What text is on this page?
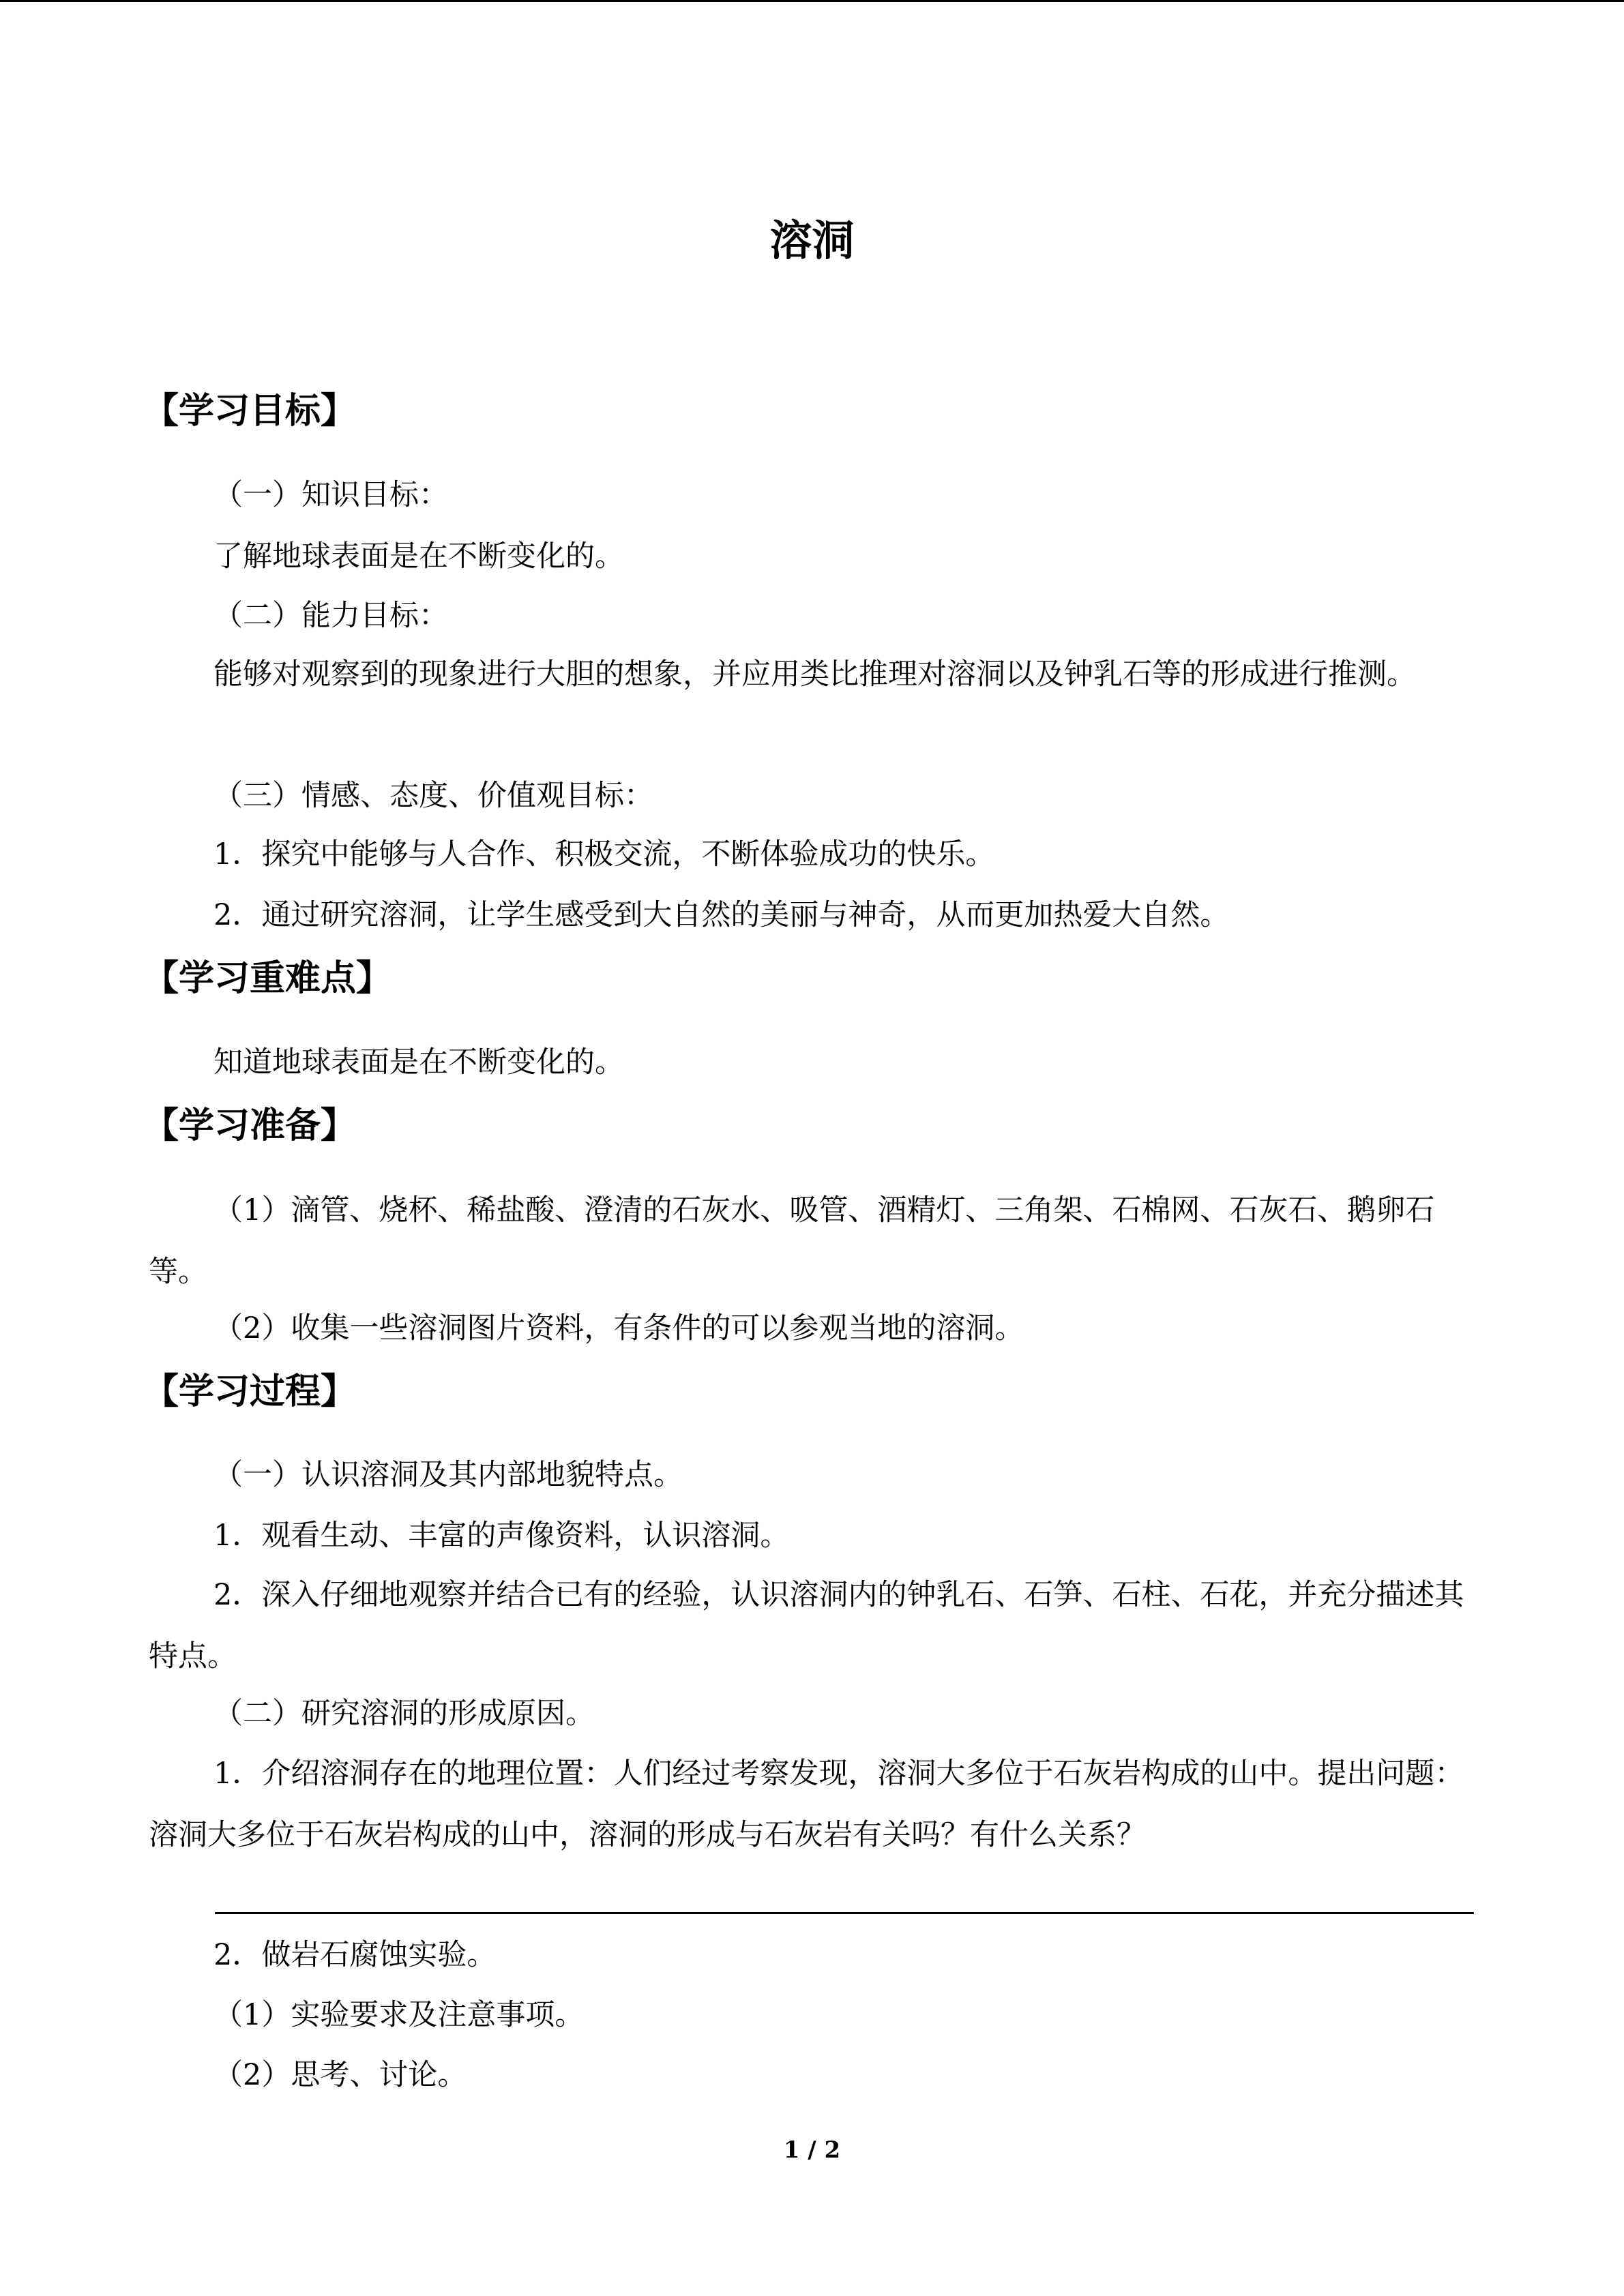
溶洞
【学习目标】
（一）知识目标：
了解地球表面是在不断变化的。
（二）能力目标：
能够对观察到的现象进行大胆的想象，并应用类比推理对溶洞以及钟乳石等的形成进行推测。
（三）情感、态度、价值观目标：
1．探究中能够与人合作、积极交流，不断体验成功的快乐。
2．通过研究溶洞，让学生感受到大自然的美丽与神奇，从而更加热爱大自然。
【学习重难点】
知道地球表面是在不断变化的。
【学习准备】
（1）滴管、烧杯、稀盐酸、澄清的石灰水、吸管、酒精灯、三角架、石棉网、石灰石、鹅卵石等。
（2）收集一些溶洞图片资料，有条件的可以参观当地的溶洞。
【学习过程】
（一）认识溶洞及其内部地貌特点。
1．观看生动、丰富的声像资料，认识溶洞。
2．深入仔细地观察并结合已有的经验，认识溶洞内的钟乳石、石笋、石柱、石花，并充分描述其特点。
（二）研究溶洞的形成原因。
1．介绍溶洞存在的地理位置：人们经过考察发现，溶洞大多位于石灰岩构成的山中。提出问题：溶洞大多位于石灰岩构成的山中，溶洞的形成与石灰岩有关吗？有什么关系？
2．做岩石腐蚀实验。
（1）实验要求及注意事项。
（2）思考、讨论。
1 / 2
